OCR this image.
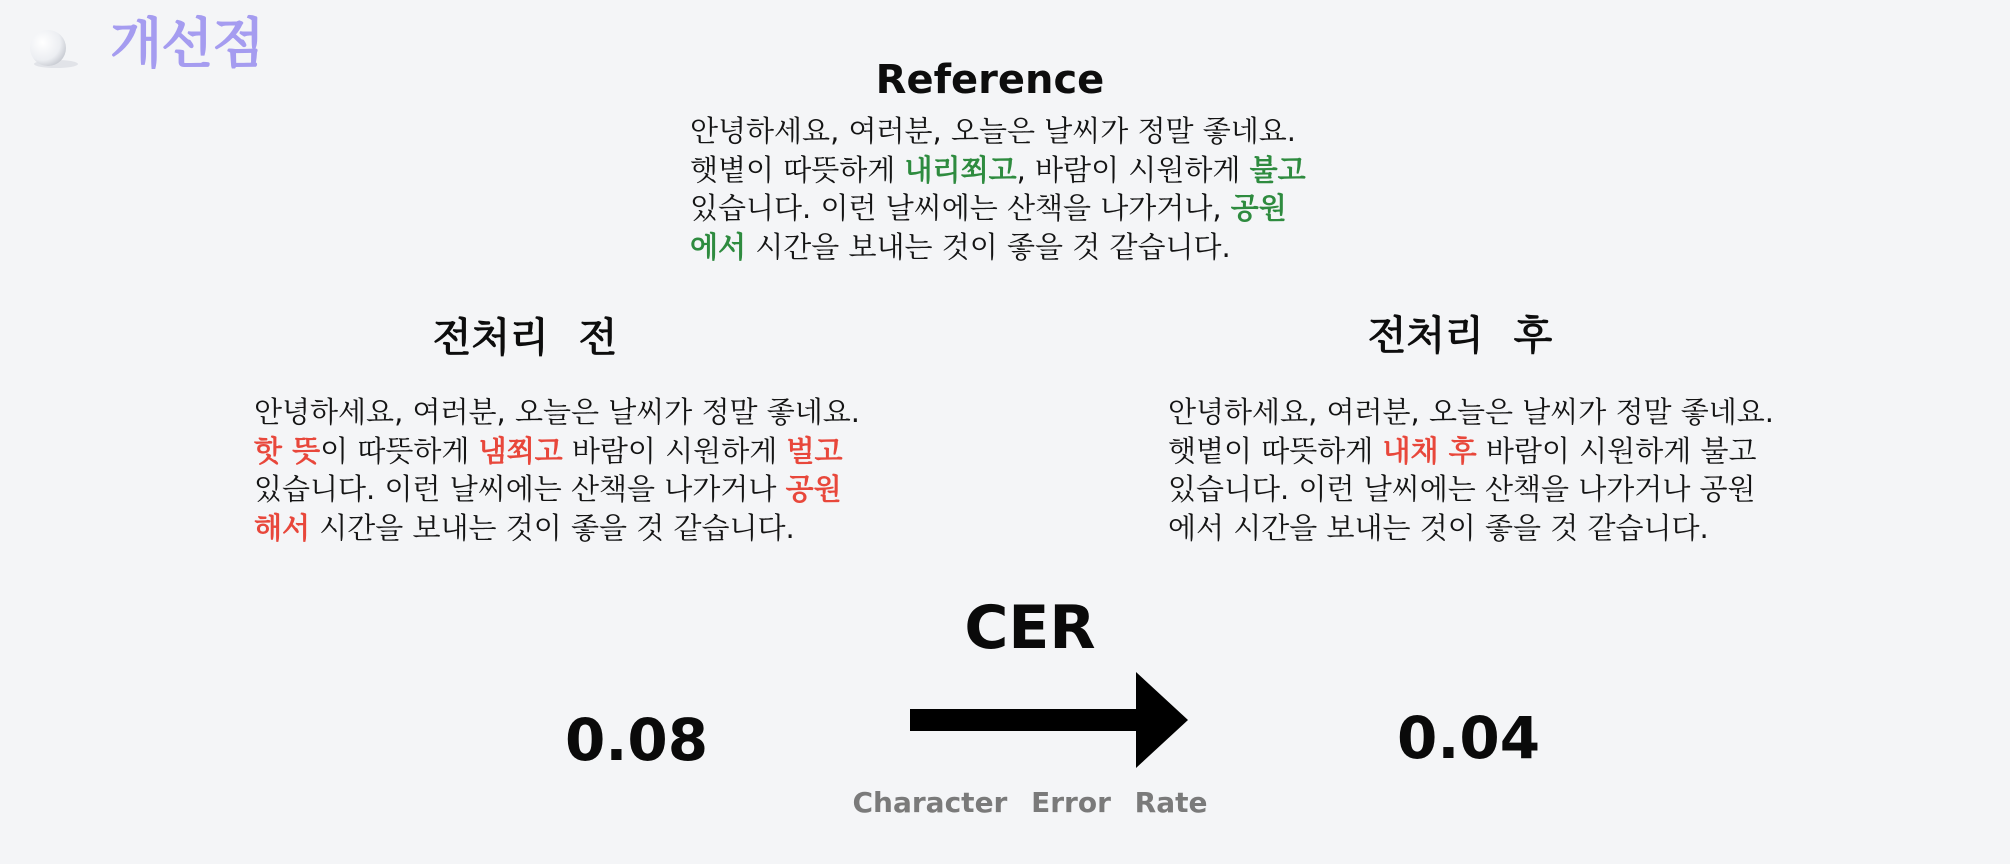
개선점
Reference
안녕하세요, 여러분, 오늘은 날씨가 정말 좋네요.
햇볕이 따뜻하게 내리쬐고, 바람이 시원하게 불고
있습니다. 이런 날씨에는 산책을 나가거나, 공원
에서 시간을 보내는 것이 좋을 것 같습니다.
전처리 전
안녕하세요, 여러분, 오늘은 날씨가 정말 좋네요.
핫 뜻이 따뜻하게 냄쬐고 바람이 시원하게 벌고
있습니다. 이런 날씨에는 산책을 나가거나 공원
해서 시간을 보내는 것이 좋을 것 같습니다.
전처리 후
안녕하세요, 여러분, 오늘은 날씨가 정말 좋네요.
햇볕이 따뜻하게 내채 후 바람이 시원하게 불고
있습니다. 이런 날씨에는 산책을 나가거나 공원
에서 시간을 보내는 것이 좋을 것 같습니다.
CER
0.08	0.04
Character Error Rate
